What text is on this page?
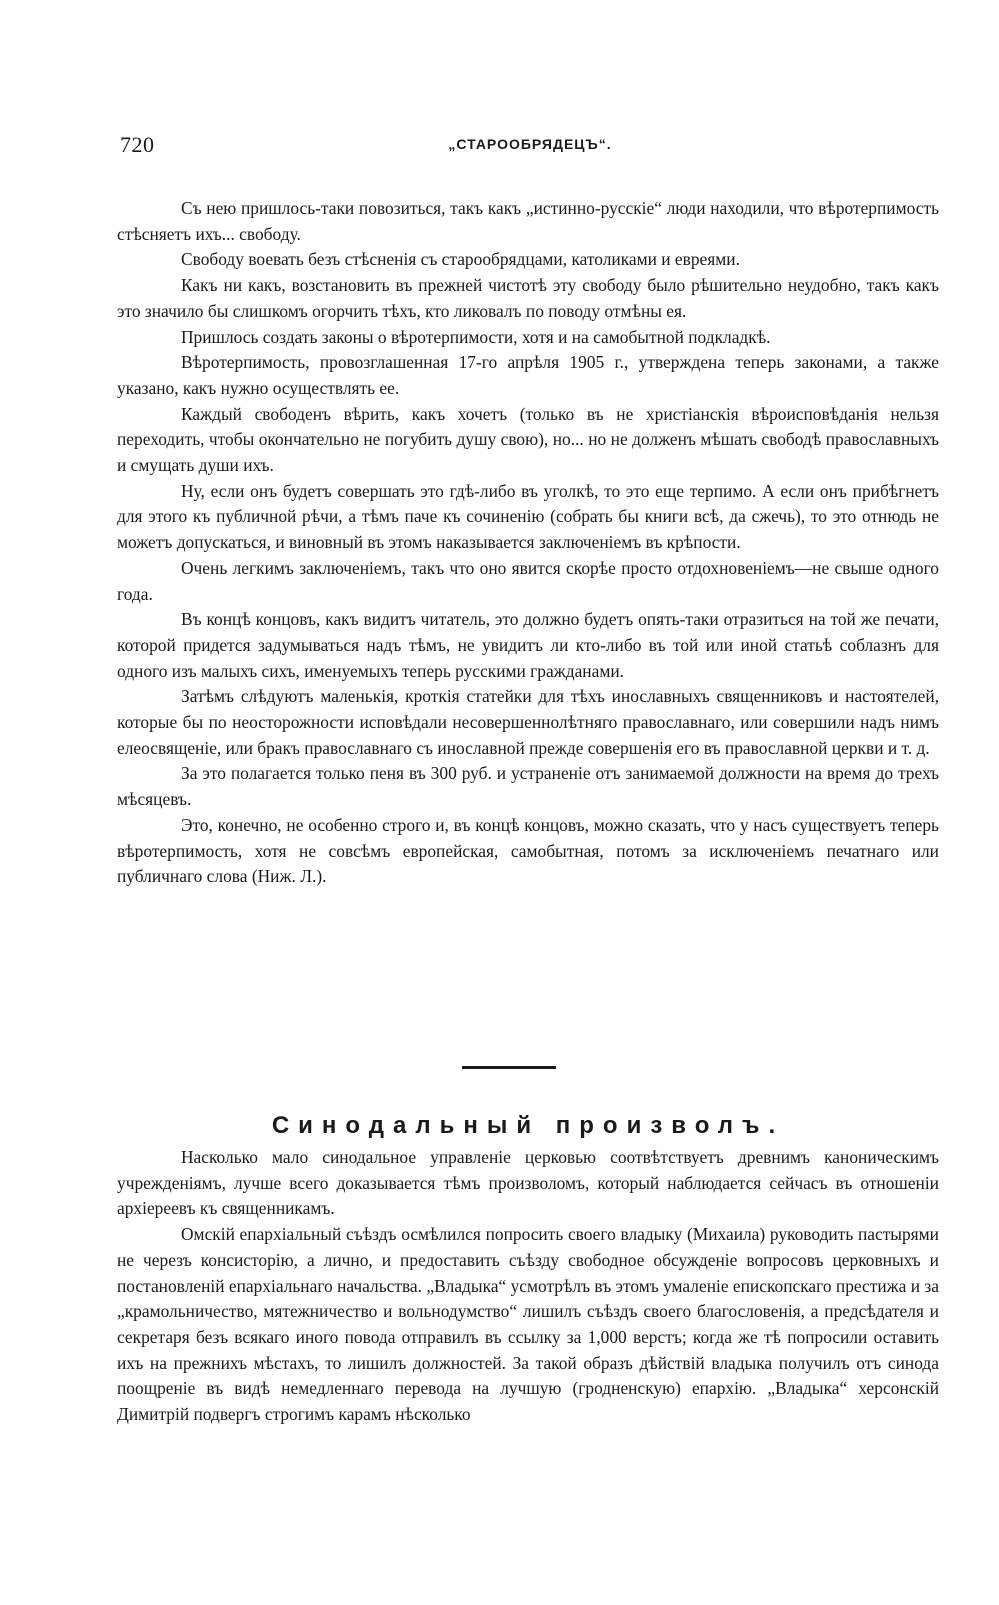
720	„СТАРООБРЯДЕЦЪ“.

Съ нею пришлось-таки повозиться, такъ какъ „истинно-русскіе“ люди находили, что вѣротерпимость стѣсняетъ ихъ... свободу.

Свободу воевать безъ стѣсненія съ старообрядцами, католиками и евреями.

Какъ ни какъ, возстановить въ прежней чистотѣ эту свободу было рѣшительно неудобно, такъ какъ это значило бы слишкомъ огорчить тѣхъ, кто ликовалъ по поводу отмѣны ея.

Пришлось создать законы о вѣротерпимости, хотя и на самобытной подкладкѣ.

Вѣротерпимость, провозглашенная 17-го апрѣля 1905 г., утверждена теперь законами, а также указано, какъ нужно осуществлять ее.

Каждый свободенъ вѣрить, какъ хочетъ (только въ не христіанскія вѣроисповѣданія нельзя переходить, чтобы окончательно не погубить душу свою), но... но не долженъ мѣшать свободѣ православныхъ и смущать души ихъ.

Ну, если онъ будетъ совершать это гдѣ-либо въ уголкѣ, то это еще терпимо. А если онъ прибѣгнетъ для этого къ публичной рѣчи, а тѣмъ паче къ сочиненію (собрать бы книги всѣ, да сжечь), то это отнюдь не можетъ допускаться, и виновный въ этомъ наказывается заключеніемъ въ крѣпости.

Очень легкимъ заключеніемъ, такъ что оно явится скорѣе просто отдохновеніемъ—не свыше одного года.

Въ концѣ концовъ, какъ видитъ читатель, это должно будетъ опять-таки отразиться на той же печати, которой придется задумываться надъ тѣмъ, не увидитъ ли кто-либо въ той или иной статьѣ соблазнъ для одного изъ малыхъ сихъ, именуемыхъ теперь русскими гражданами.

Затѣмъ слѣдуютъ маленькія, кроткія статейки для тѣхъ инославныхъ священниковъ и настоятелей, которые бы по неосторожности исповѣдали несовершеннолѣтняго православнаго, или совершили надъ нимъ елеосвященіе, или бракъ православнаго съ инославной прежде совершенія его въ православной церкви и т. д.

За это полагается только пеня въ 300 руб. и устраненіе отъ занимаемой должности на время до трехъ мѣсяцевъ.

Это, конечно, не особенно строго и, въ концѣ концовъ, можно сказать, что у насъ существуетъ теперь вѣротерпимость, хотя не совсѣмъ европейская, самобытная, потомъ за исключеніемъ печатнаго или публичнаго слова (Ниж. Л.).

Синодальный произволъ.

Насколько мало синодальное управленіе церковью соотвѣтствуетъ древнимъ каноническимъ учрежденіямъ, лучше всего доказывается тѣмъ произволомъ, который наблюдается сейчасъ въ отношеніи архіереевъ къ священникамъ.

Омскій епархіальный съѣздъ осмѣлился попросить своего владыку (Михаила) руководить пастырями не черезъ консисторію, а лично, и предоставить съѣзду свободное обсужденіе вопросовъ церковныхъ и постановленій епархіальнаго начальства. „Владыка“ усмотрѣлъ въ этомъ умаленіе епископскаго престижа и за „крамольничество, мятежничество и вольнодумство“ лишилъ съѣздъ своего благословенія, а предсѣдателя и секретаря безъ всякаго иного повода отправилъ въ ссылку за 1,000 верстъ; когда же тѣ попросили оставить ихъ на прежнихъ мѣстахъ, то лишилъ должностей. За такой образъ дѣйствій владыка получилъ отъ синода поощреніе въ видѣ немедленнаго перевода на лучшую (гродненскую) епархію. „Владыка“ херсонскій Димитрій подвергъ строгимъ карамъ нѣсколько
